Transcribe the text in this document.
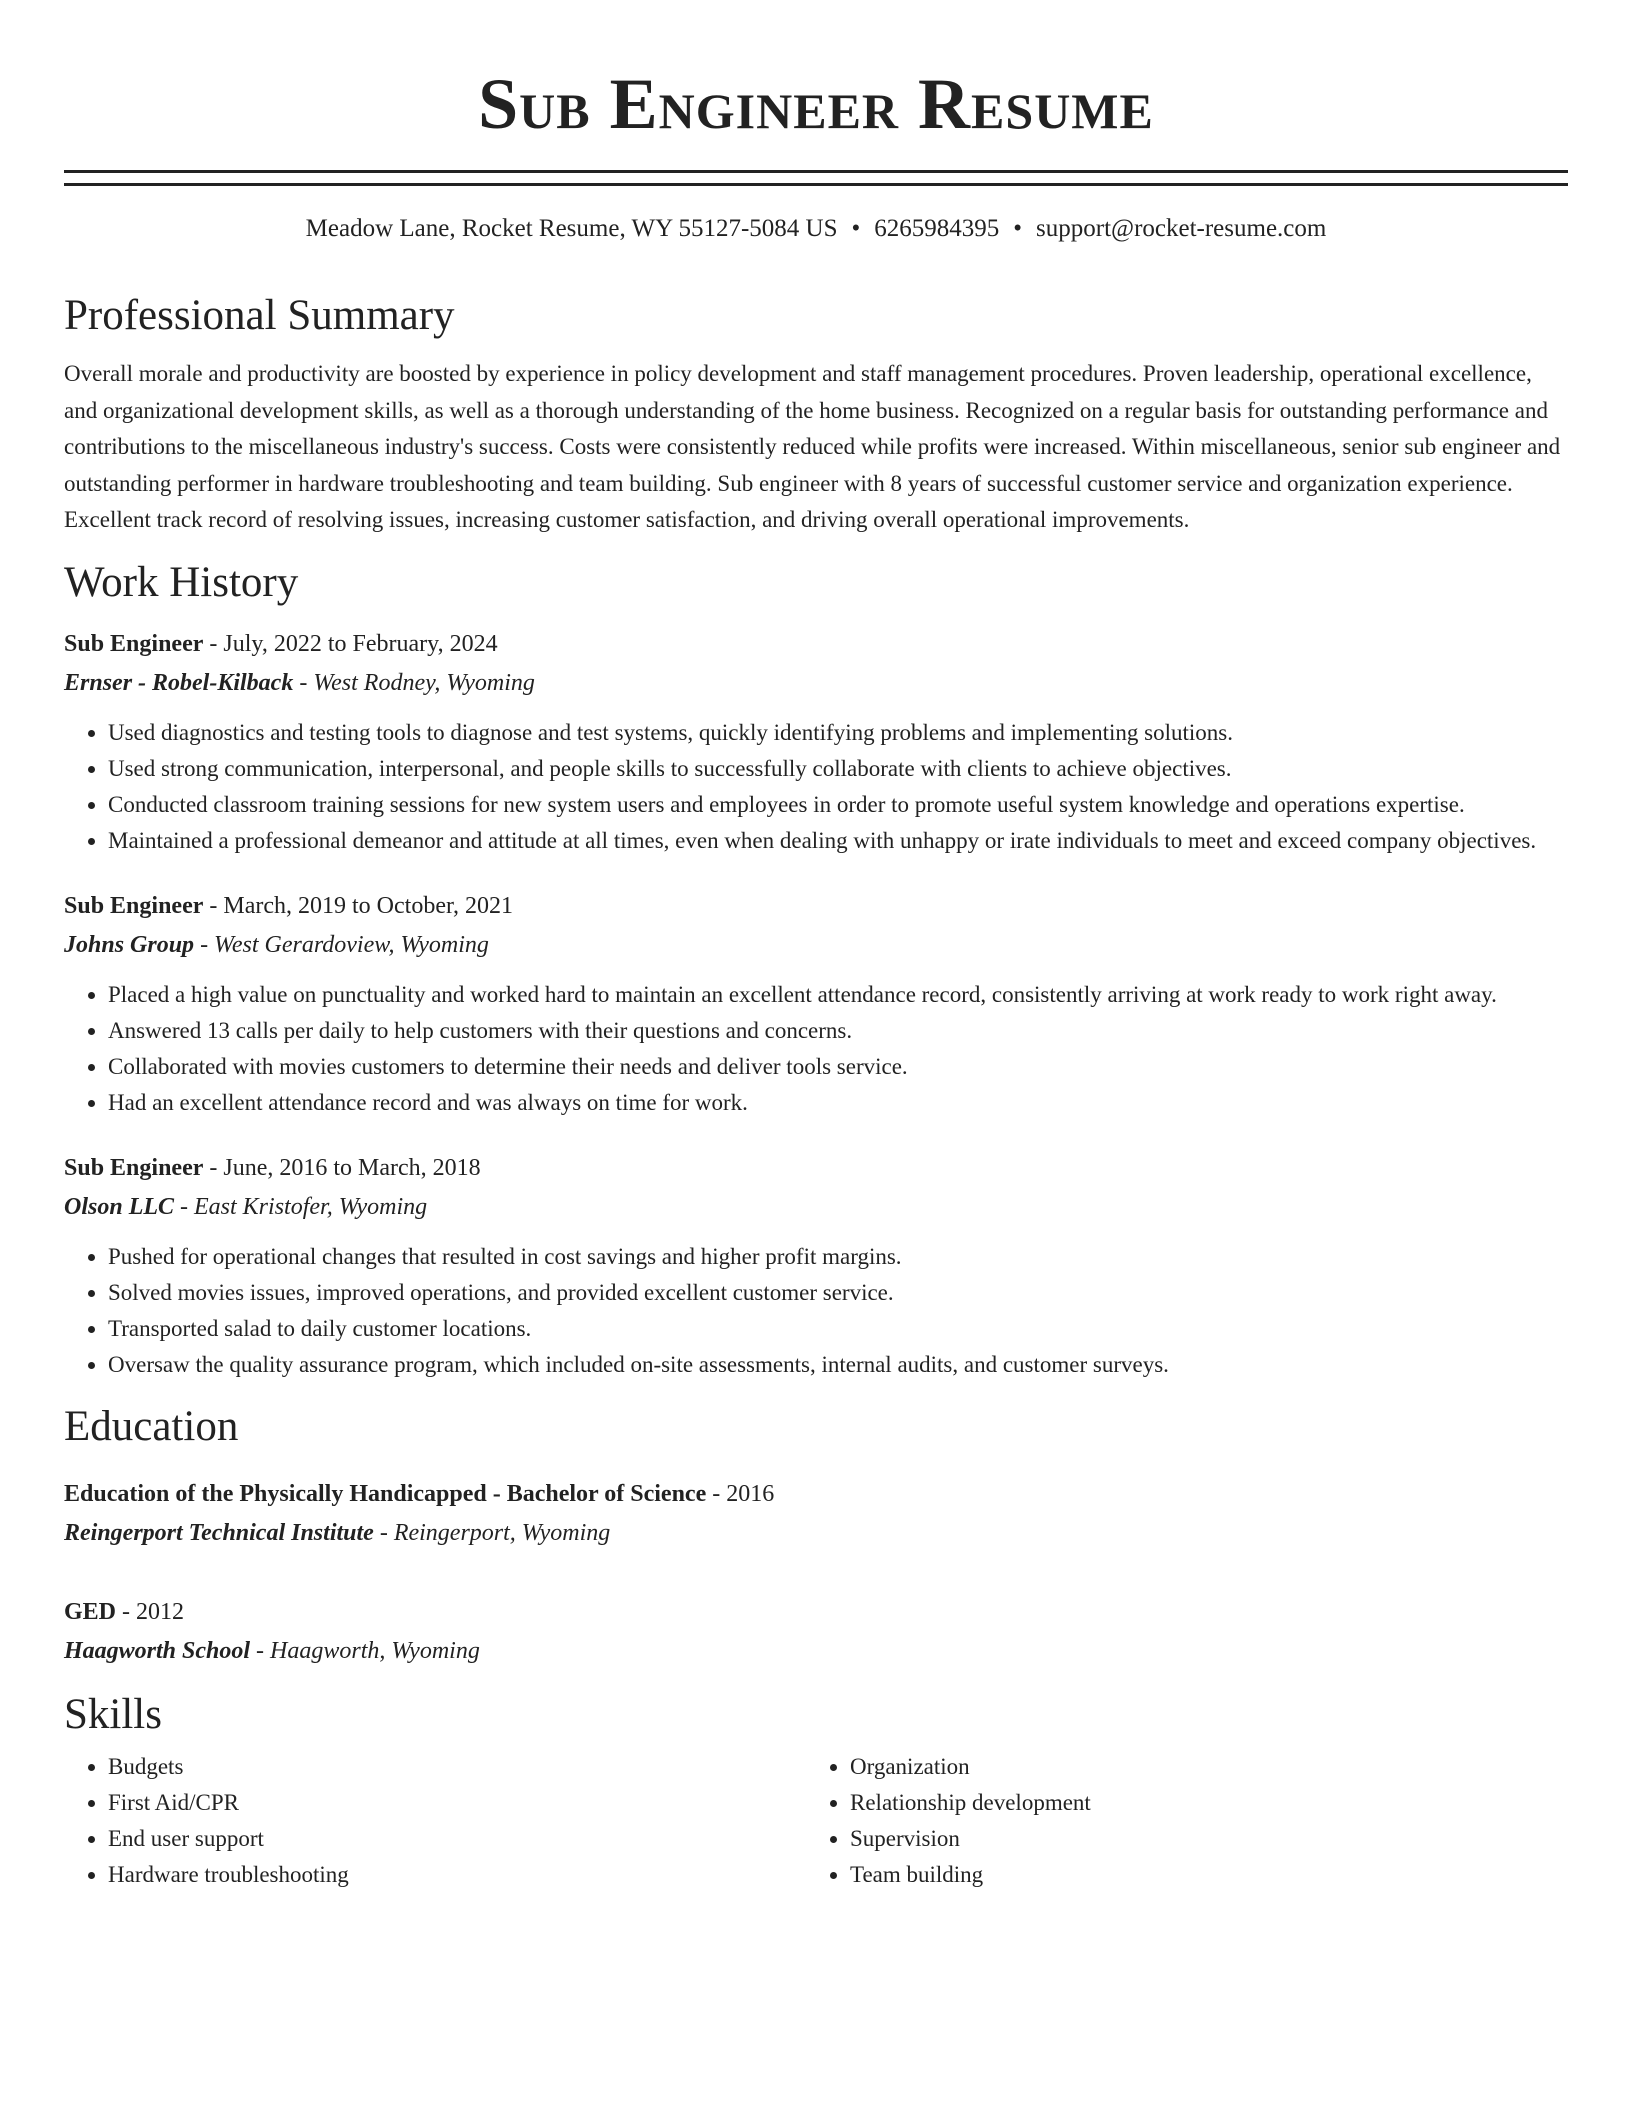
Sub Engineer Resume
Meadow Lane, Rocket Resume, WY 55127-5084 US • 6265984395 • support@rocket-resume.com
Professional Summary

Overall morale and productivity are boosted by experience in policy development and staff management procedures. Proven leadership, operational excellence, and organizational development skills, as well as a thorough understanding of the home business. Recognized on a regular basis for outstanding performance and contributions to the miscellaneous industry's success. Costs were consistently reduced while profits were increased. Within miscellaneous, senior sub engineer and outstanding performer in hardware troubleshooting and team building. Sub engineer with 8 years of successful customer service and organization experience. Excellent track record of resolving issues, increasing customer satisfaction, and driving overall operational improvements.

Work History
Sub Engineer - July, 2022 to February, 2024
Ernser - Robel-Kilback - West Rodney, Wyoming
• Used diagnostics and testing tools to diagnose and test systems, quickly identifying problems and implementing solutions.
• Used strong communication, interpersonal, and people skills to successfully collaborate with clients to achieve objectives.
• Conducted classroom training sessions for new system users and employees in order to promote useful system knowledge and operations expertise.
• Maintained a professional demeanor and attitude at all times, even when dealing with unhappy or irate individuals to meet and exceed company objectives.
Sub Engineer - March, 2019 to October, 2021
Johns Group - West Gerardoview, Wyoming
• Placed a high value on punctuality and worked hard to maintain an excellent attendance record, consistently arriving at work ready to work right away.
• Answered 13 calls per daily to help customers with their questions and concerns.
• Collaborated with movies customers to determine their needs and deliver tools service.
• Had an excellent attendance record and was always on time for work.
Sub Engineer - June, 2016 to March, 2018
Olson LLC - East Kristofer, Wyoming
• Pushed for operational changes that resulted in cost savings and higher profit margins.
• Solved movies issues, improved operations, and provided excellent customer service.
• Transported salad to daily customer locations.
• Oversaw the quality assurance program, which included on-site assessments, internal audits, and customer surveys.
Education
Education of the Physically Handicapped - Bachelor of Science - 2016
Reingerport Technical Institute - Reingerport, Wyoming
GED - 2012
Haagworth School - Haagworth, Wyoming
Skills
• Budgets
• First Aid/CPR
• End user support
• Hardware troubleshooting
• Organization
• Relationship development
• Supervision
• Team building
